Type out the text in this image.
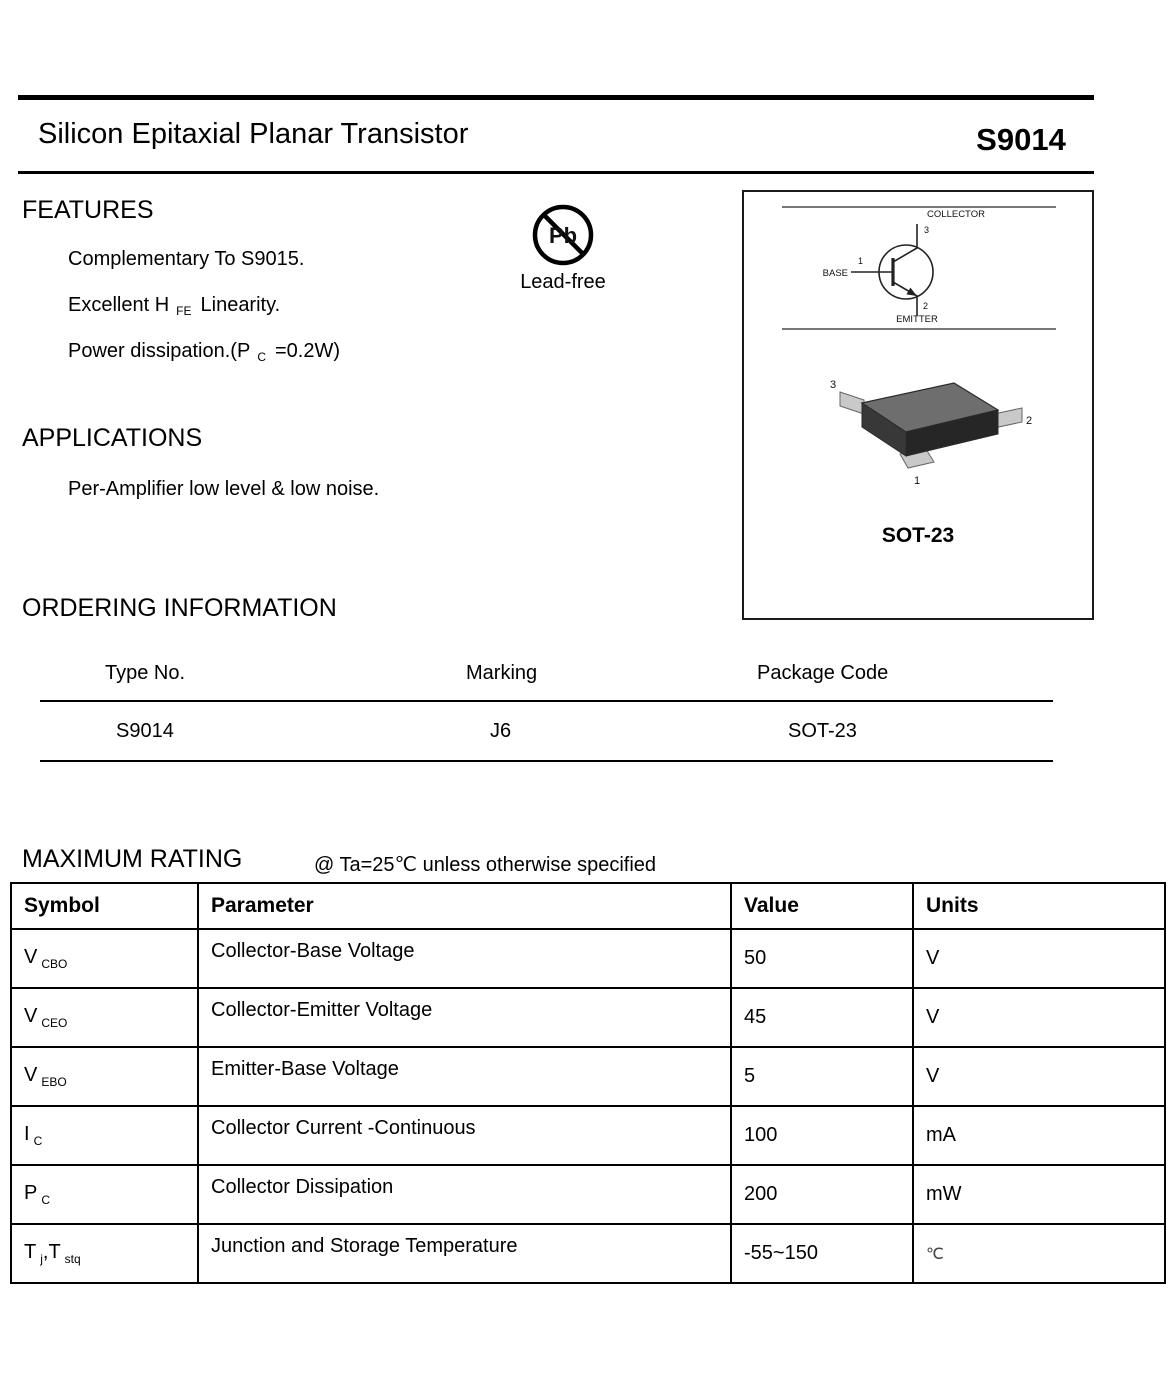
Silicon Epitaxial Planar Transistor	S9014
FEATURES
Complementary To S9015.
Excellent H $_{FE}$ Linearity.
Power dissipation.(P $_C$ =0.2W)
Pb
Lead-free
APPLICATIONS
Per-Amplifier low level & low noise.
COLLECTOR
3
1
BASE
2
EMITTER
3
2
1
SOT-23
ORDERING INFORMATION
Type No.	Marking	Package Code
S9014	J6	SOT-23
MAXIMUM RATING	@ Ta=25℃ unless otherwise specified
Symbol	Parameter	Value	Units
V $_{CBO}$	Collector-Base Voltage	50	V
V $_{CEO}$	Collector-Emitter Voltage	45	V
V $_{EBO}$	Emitter-Base Voltage	5	V
I $_C$	Collector Current -Continuous	100	mA
P $_C$	Collector Dissipation	200	mW
T $_j$,T $_{stq}$	Junction and Storage Temperature	-55~150	℃
